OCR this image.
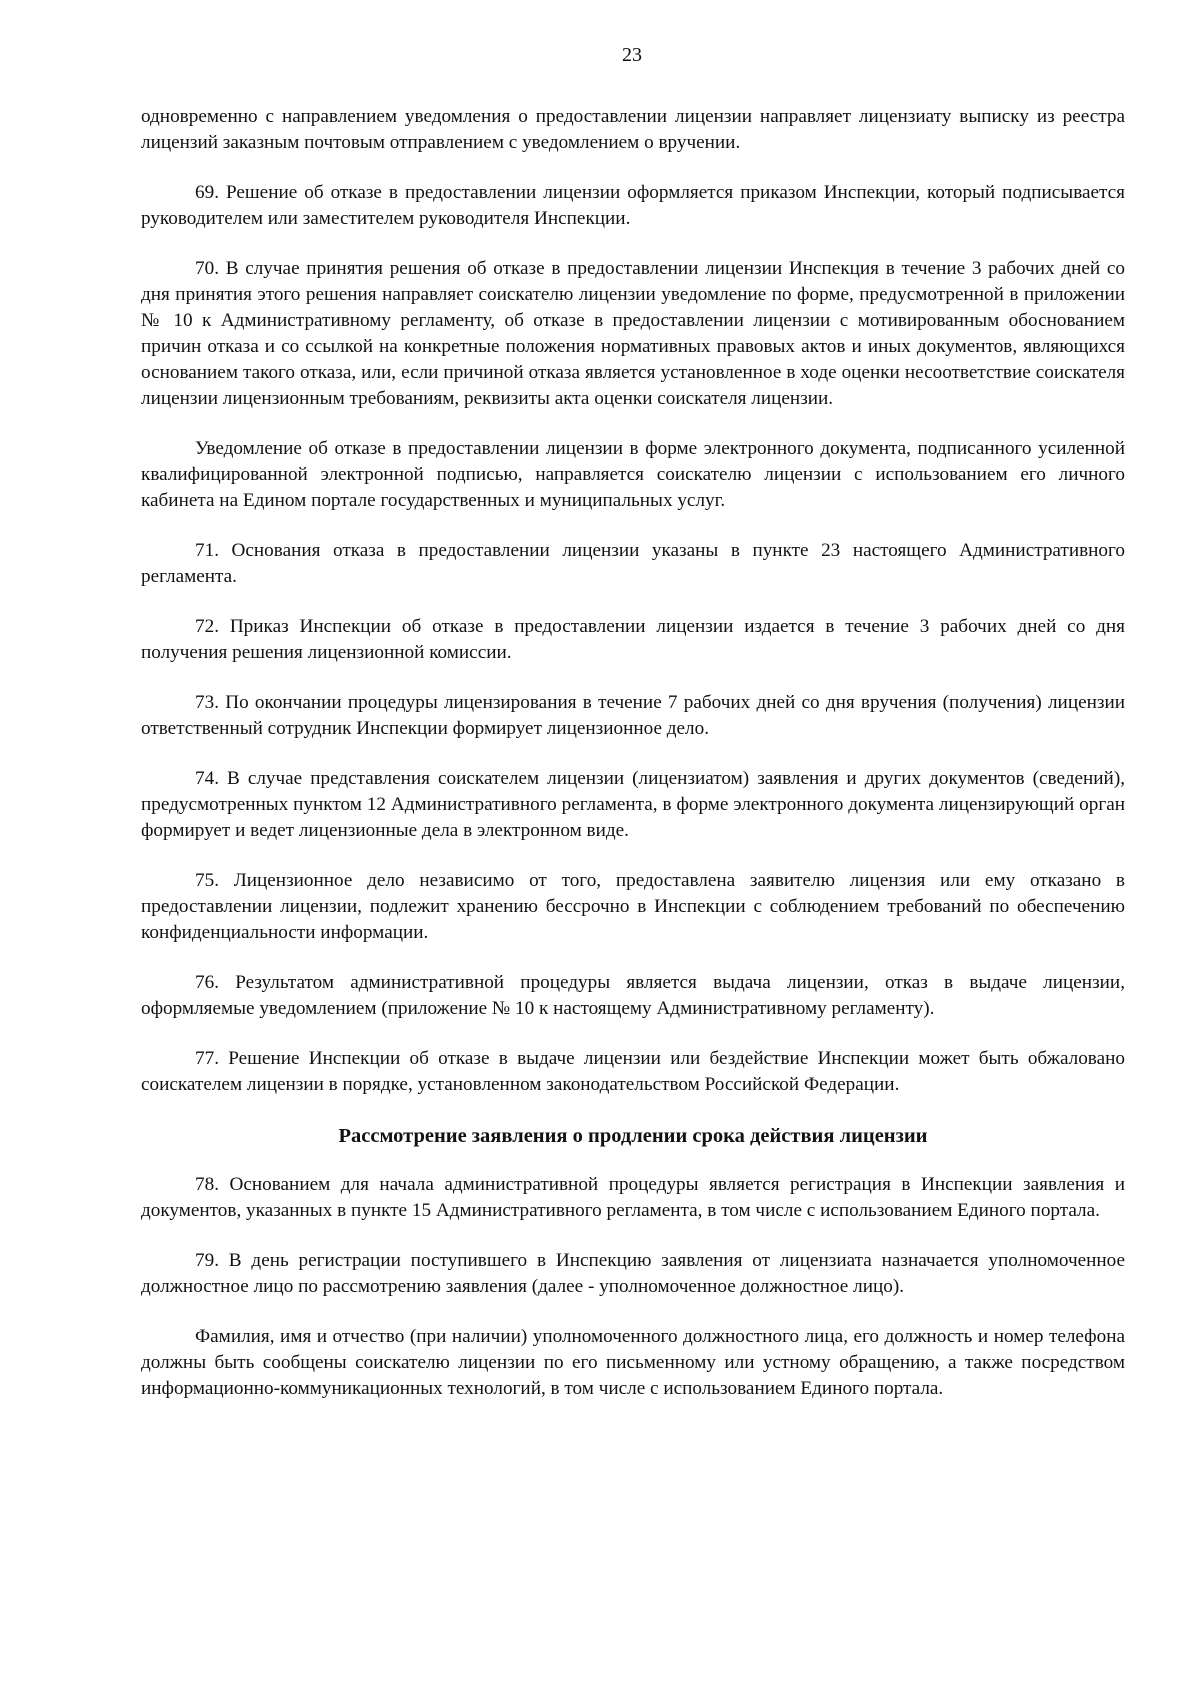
23

одновременно с направлением уведомления о предоставлении лицензии направляет лицензиату выписку из реестра лицензий заказным почтовым отправлением с уведомлением о вручении.

69. Решение об отказе в предоставлении лицензии оформляется приказом Инспекции, который подписывается руководителем или заместителем руководителя Инспекции.

70. В случае принятия решения об отказе в предоставлении лицензии Инспекция в течение 3 рабочих дней со дня принятия этого решения направляет соискателю лицензии уведомление по форме, предусмотренной в приложении № 10 к Административному регламенту, об отказе в предоставлении лицензии с мотивированным обоснованием причин отказа и со ссылкой на конкретные положения нормативных правовых актов и иных документов, являющихся основанием такого отказа, или, если причиной отказа является установленное в ходе оценки несоответствие соискателя лицензии лицензионным требованиям, реквизиты акта оценки соискателя лицензии.

Уведомление об отказе в предоставлении лицензии в форме электронного документа, подписанного усиленной квалифицированной электронной подписью, направляется соискателю лицензии с использованием его личного кабинета на Едином портале государственных и муниципальных услуг.

71. Основания отказа в предоставлении лицензии указаны в пункте 23 настоящего Административного регламента.

72. Приказ Инспекции об отказе в предоставлении лицензии издается в течение 3 рабочих дней со дня получения решения лицензионной комиссии.

73. По окончании процедуры лицензирования в течение 7 рабочих дней со дня вручения (получения) лицензии ответственный сотрудник Инспекции формирует лицензионное дело.

74. В случае представления соискателем лицензии (лицензиатом) заявления и других документов (сведений), предусмотренных пунктом 12 Административного регламента, в форме электронного документа лицензирующий орган формирует и ведет лицензионные дела в электронном виде.

75. Лицензионное дело независимо от того, предоставлена заявителю лицензия или ему отказано в предоставлении лицензии, подлежит хранению бессрочно в Инспекции с соблюдением требований по обеспечению конфиденциальности информации.

76. Результатом административной процедуры является выдача лицензии, отказ в выдаче лицензии, оформляемые уведомлением (приложение № 10 к настоящему Административному регламенту).

77. Решение Инспекции об отказе в выдаче лицензии или бездействие Инспекции может быть обжаловано соискателем лицензии в порядке, установленном законодательством Российской Федерации.

Рассмотрение заявления о продлении срока действия лицензии

78. Основанием для начала административной процедуры является регистрация в Инспекции заявления и документов, указанных в пункте 15 Административного регламента, в том числе с использованием Единого портала.

79. В день регистрации поступившего в Инспекцию заявления от лицензиата назначается уполномоченное должностное лицо по рассмотрению заявления (далее - уполномоченное должностное лицо).

Фамилия, имя и отчество (при наличии) уполномоченного должностного лица, его должность и номер телефона должны быть сообщены соискателю лицензии по его письменному или устному обращению, а также посредством информационно-коммуникационных технологий, в том числе с использованием Единого портала.
